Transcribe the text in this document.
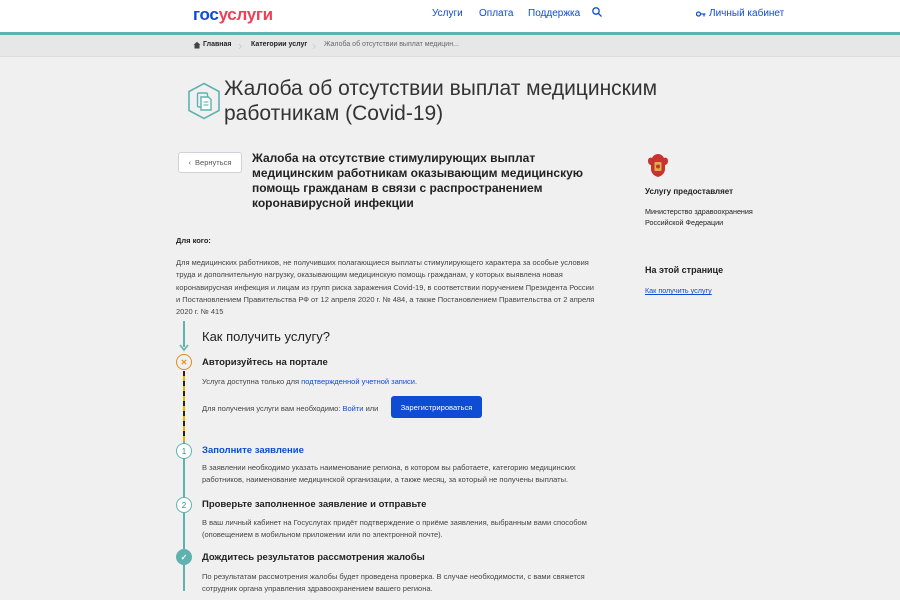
госуслуги	Услуги Оплата Поддержка	Личный кабинет
Главная › Категории услуг › Жалоба об отсутствии выплат медицин...
Жалоба об отсутствии выплат медицинским работникам (Covid-19)
‹ Вернуться Жалоба на отсутствие стимулирующих выплат медицинским работникам оказывающим медицинскую помощь гражданам в связи с распространением коронавирусной инфекции
Для кого:
Для медицинских работников, не получивших полагающиеся выплаты стимулирующего характера за особые условия труда и дополнительную нагрузку, оказывающим медицинскую помощь гражданам, у которых выявлена новая коронавирусная инфекция и лицам из групп риска заражения Covid-19, в соответствии поручением Президента России и Постановлением Правительства РФ от 12 апреля 2020 г. № 484, а также Постановлением Правительства от 2 апреля 2020 г. № 415
Услугу предоставляет
Министерство здравоохранения Российской Федерации
На этой странице
Как получить услугу
Как получить услугу?
✕	Авторизуйтесь на портале
Услуга доступна только для подтвержденной учетной записи.
Для получения услуги вам необходимо: Войти или	Зарегистрироваться
1	Заполните заявление
В заявлении необходимо указать наименование региона, в котором вы работаете, категорию медицинских работников, наименование медицинской организации, а также месяц, за который не получены выплаты.
2	Проверьте заполненное заявление и отправьте
В ваш личный кабинет на Госуслугах придёт подтверждение о приёме заявления, выбранным вами способом (оповещением в мобильном приложении или по электронной почте).
✓	Дождитесь результатов рассмотрения жалобы
По результатам рассмотрения жалобы будет проведена проверка. В случае необходимости, с вами свяжется сотрудник органа управления здравоохранением вашего региона.
